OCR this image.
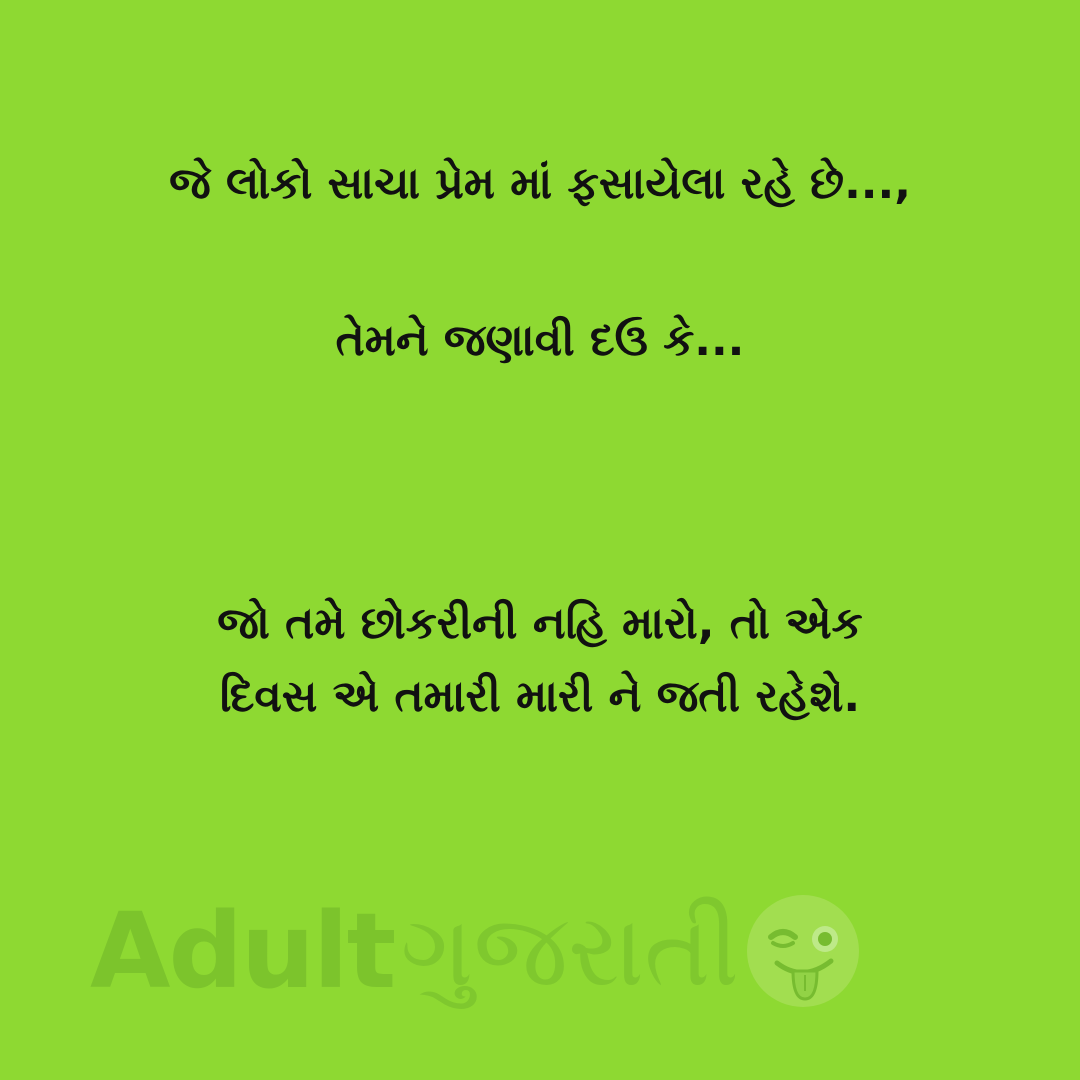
જે લોકો સાચા પ્રેમ માં ફસાયેલા રહે છે...,
તેમને જણાવી દઉ કે...
જો તમે છોકરીની નહિ મારો, તો એક
દિવસ એ તમારી મારી ને જતી રહેશે.
Adult ગુજરાતી
